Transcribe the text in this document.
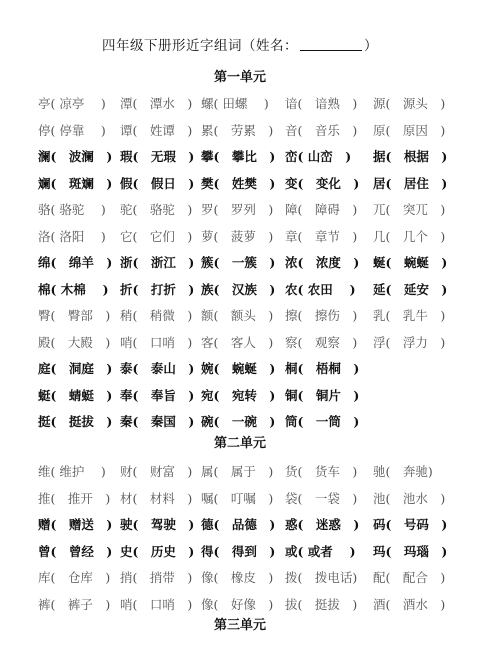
四年级下册形近字组词（姓名：	）
第一单元
亭( 凉亭　 ) 潭(　潭水　) 螺( 田螺　 ) 谙(　谙熟　) 源(　源头　)
停( 停靠　 ) 谭(　姓谭　) 累(　劳累　) 音(　音乐　) 原(　原因　)
澜(　波澜　) 瑕(　无瑕　) 攀(　攀比　) 峦( 山峦　) 据(　根据　)
斓(　斑斓　) 假(　假日　) 樊(　姓樊　) 变(　变化　) 居(　居住　)
骆( 骆驼　 ) 驼(　骆驼　) 罗(　罗列　) 障(　障碍　) 兀(　突兀　)
洛( 洛阳　 ) 它(　它们　) 萝(　菠萝　) 章(　章节　) 几(　几个　)
绵(　绵羊　) 浙(　浙江　) 簇(　一簇　) 浓(　浓度　) 蜒(　蜿蜒　)
棉( 木棉　 ) 折(　打折　) 族(　汉族　) 农( 农田　 ) 延(　延安　)
臀(　臀部　) 稍(　稍微　) 额(　额头　) 擦(　擦伤　) 乳(　乳牛　)
殿(　大殿　) 哨(　口哨　) 客(　客人　) 察(　观察　) 浮(　浮力　)
庭(　洞庭　) 泰(　泰山　) 婉(　蜿蜒　) 桐(　梧桐　)
蜓(　蜻蜓　) 奉(　奉旨　) 宛(　宛转　) 铜(　铜片　)
挺(　挺拔　) 秦(　秦国　) 碗(　一碗　) 筒(　一筒　)
第二单元
维( 维护　 ) 财(　财富　) 属(　属于　) 货(　货车　) 驰(　奔驰)
推(　推开　) 材(　材料　) 嘱(　叮嘱　) 袋(　一袋　) 池(　池水　)
赠(　赠送　) 驶(　驾驶　) 德(　品德　) 惑(　迷惑　) 码(　号码　)
曾(　曾经　) 史(　历史　) 得(　得到　) 或( 或者　 ) 玛(　玛瑙　)
库(　仓库　) 捎(　捎带　) 像(　橡皮　) 拨(　拨电话) 配(　配合　)
裤(　裤子　) 哨(　口哨　) 像(　好像　) 拔(　挺拔　) 酒(　酒水　)
第三单元
